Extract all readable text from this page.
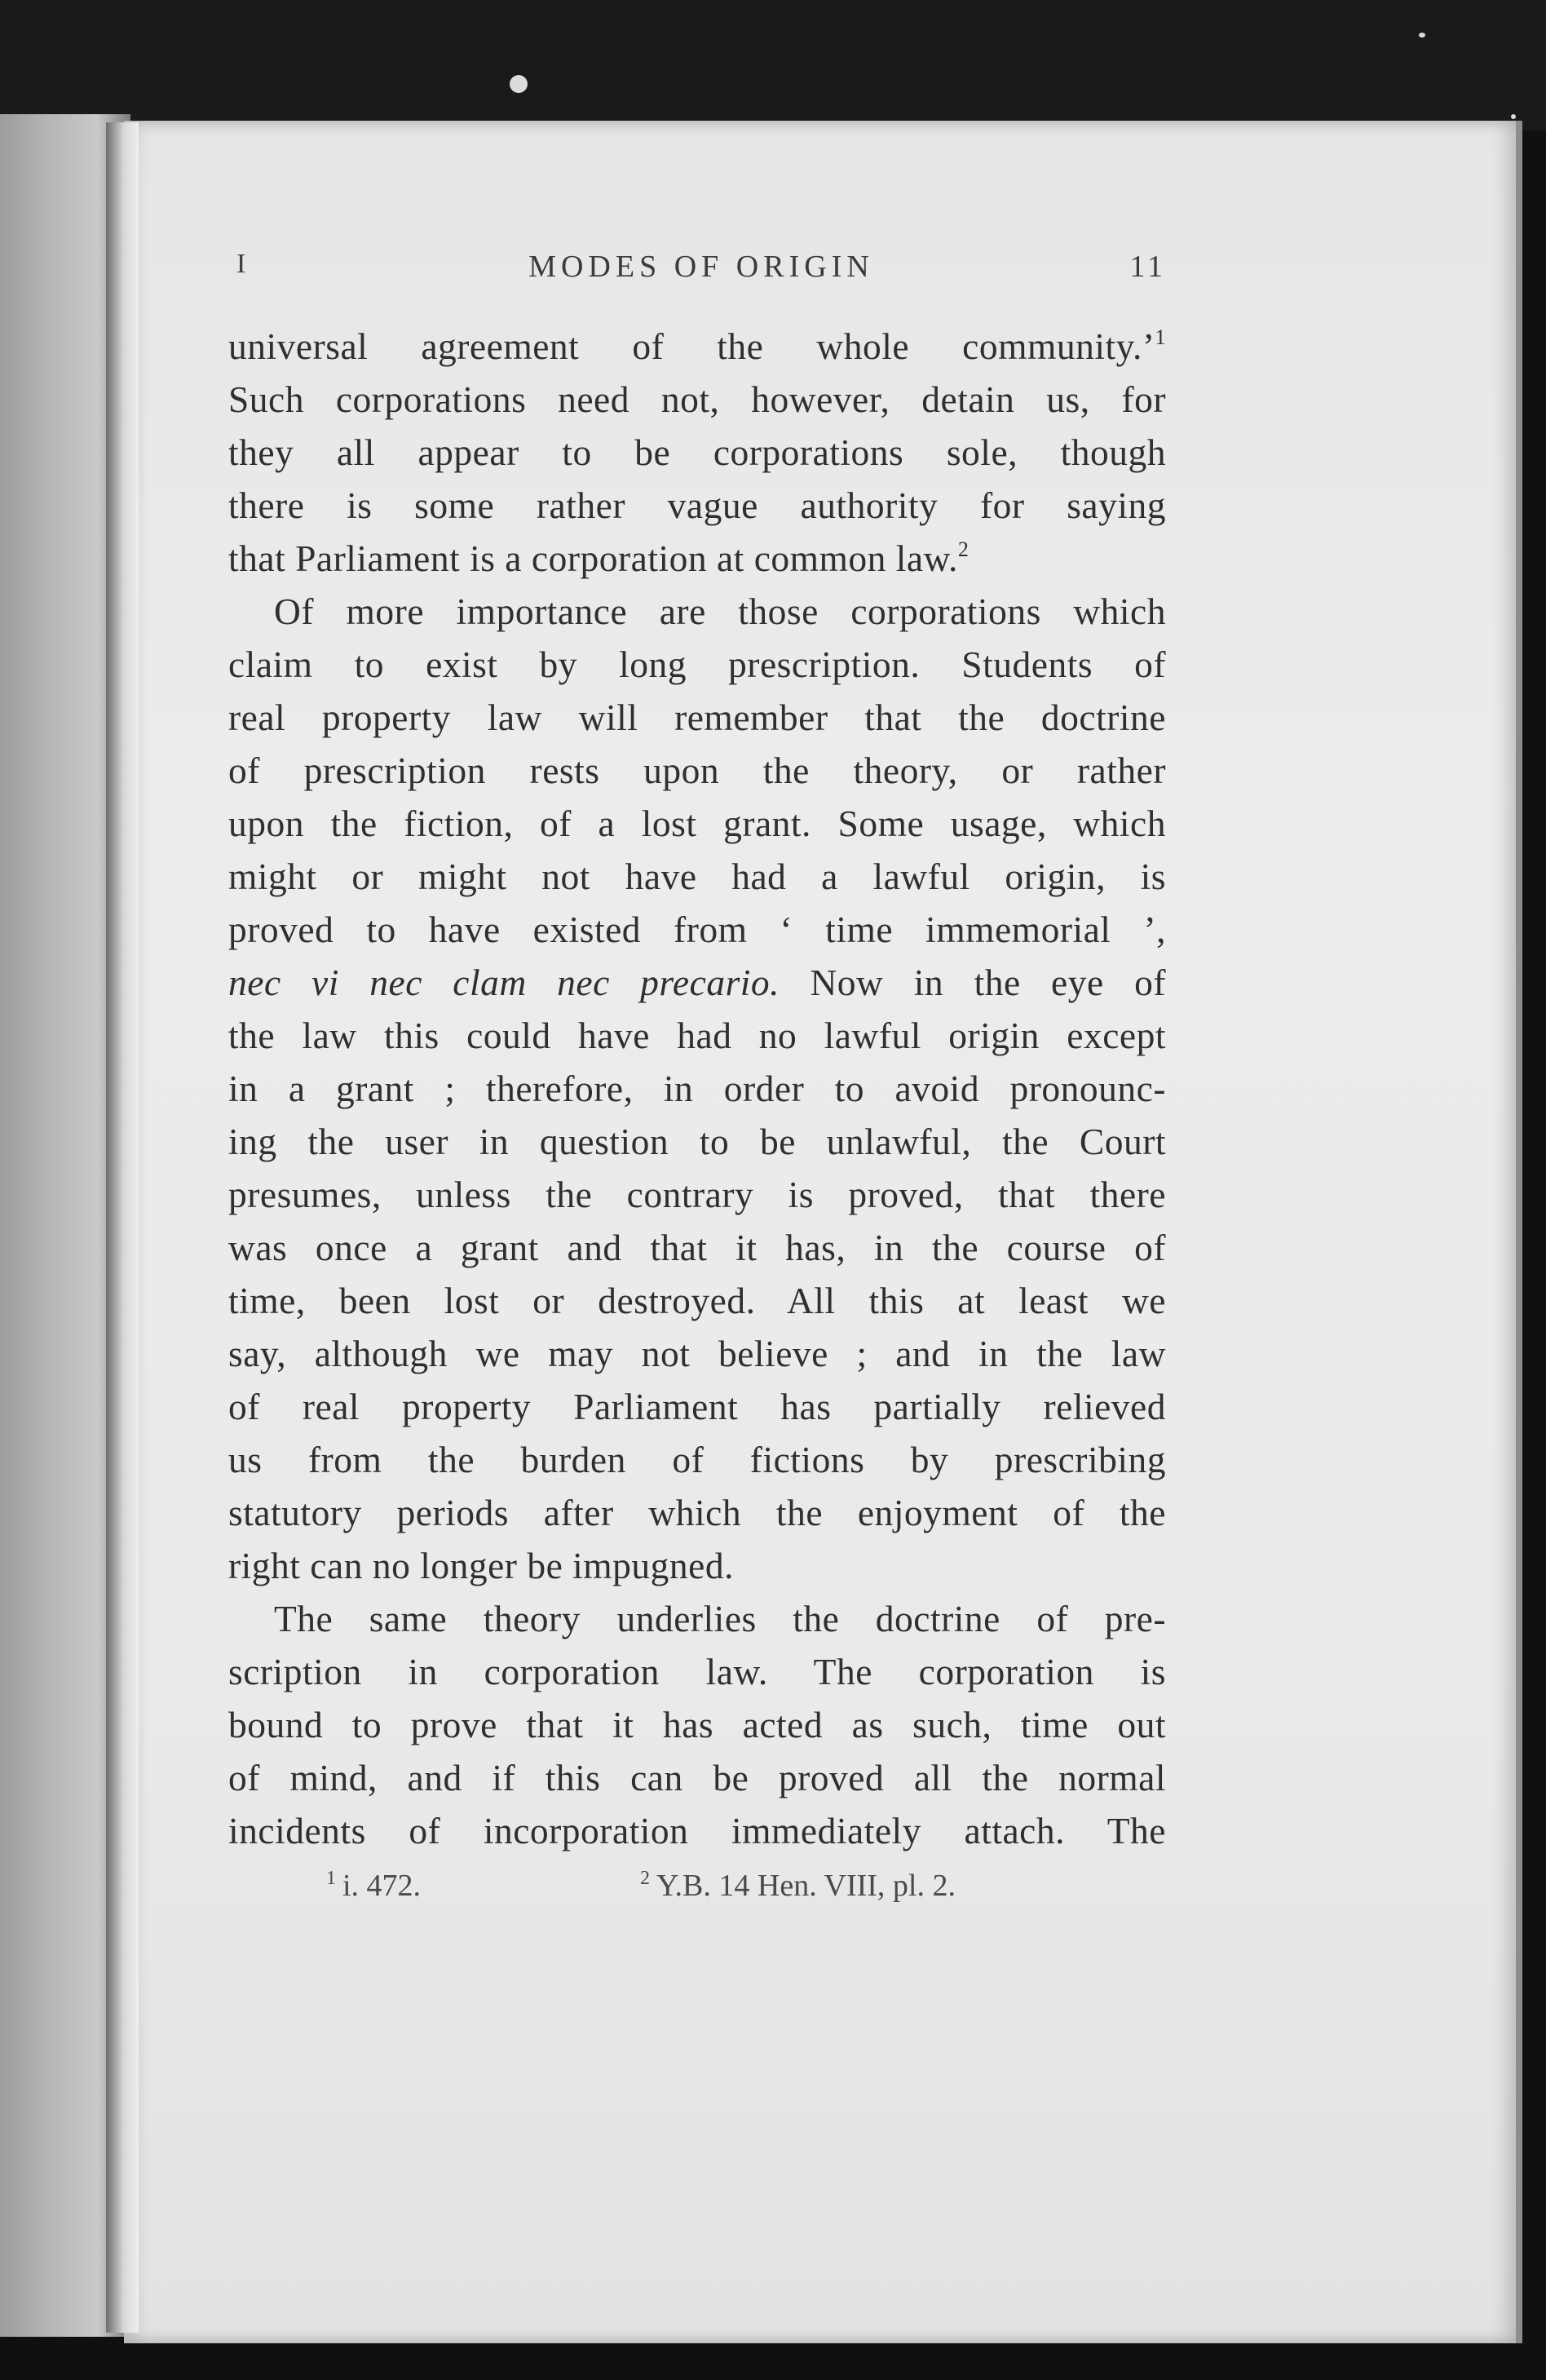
I	MODES OF ORIGIN	11
universal agreement of the whole community.’$^1$
Such corporations need not, however, detain us, for
they all appear to be corporations sole, though
there is some rather vague authority for saying
that Parliament is a corporation at common law.$^2$
Of more importance are those corporations which
claim to exist by long prescription. Students of
real property law will remember that the doctrine
of prescription rests upon the theory, or rather
upon the fiction, of a lost grant. Some usage, which
might or might not have had a lawful origin, is
proved to have existed from ‘ time immemorial ’,
nec vi nec clam nec precario. Now in the eye of
the law this could have had no lawful origin except
in a grant ; therefore, in order to avoid pronounc-
ing the user in question to be unlawful, the Court
presumes, unless the contrary is proved, that there
was once a grant and that it has, in the course of
time, been lost or destroyed. All this at least we
say, although we may not believe ; and in the law
of real property Parliament has partially relieved
us from the burden of fictions by prescribing
statutory periods after which the enjoyment of the
right can no longer be impugned.
The same theory underlies the doctrine of pre-
scription in corporation law. The corporation is
bound to prove that it has acted as such, time out
of mind, and if this can be proved all the normal
incidents of incorporation immediately attach. The
$^1$ i. 472.	$^2$ Y.B. 14 Hen. VIII, pl. 2.
